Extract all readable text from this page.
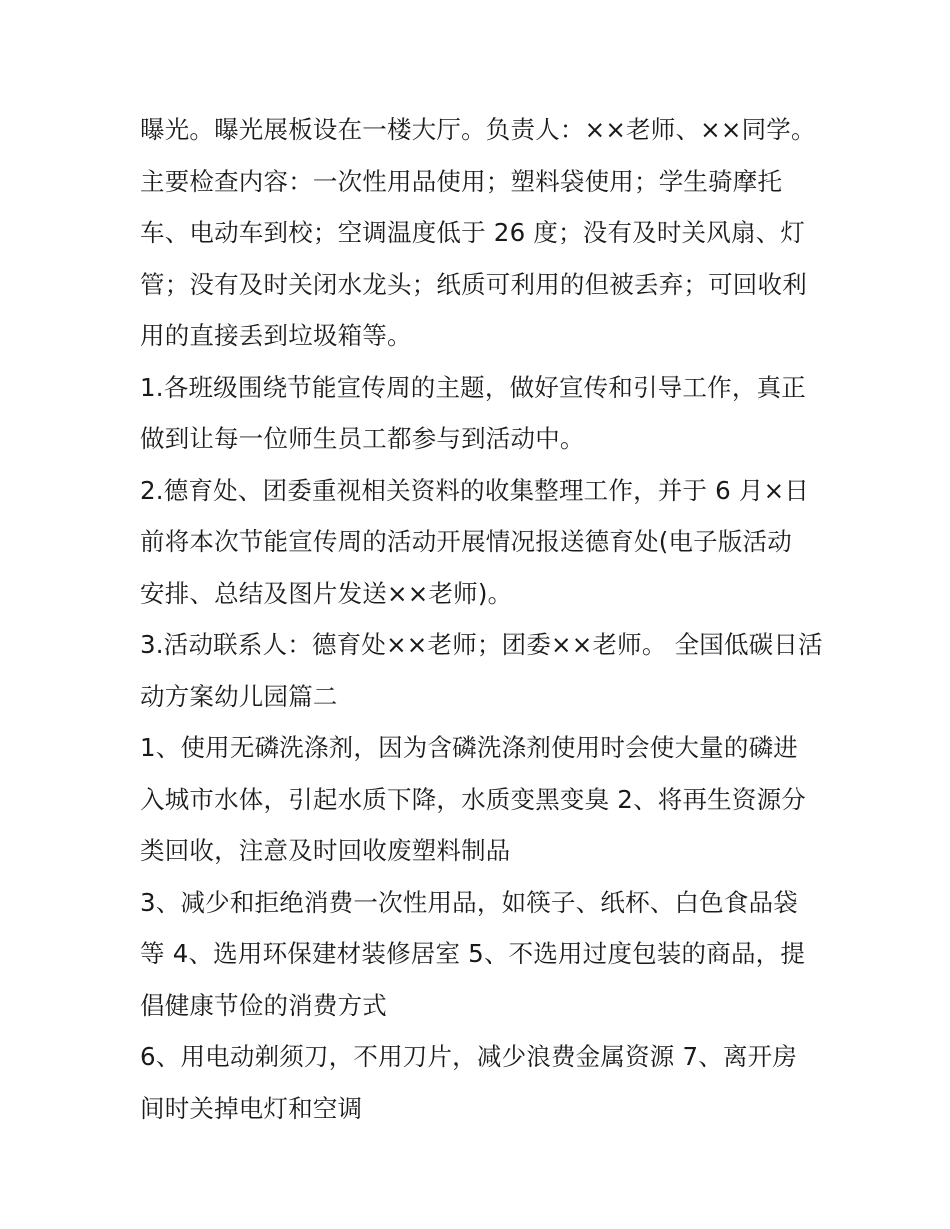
曝光。曝光展板设在一楼大厅。负责人：××老师、××同学。
主要检查内容：一次性用品使用；塑料袋使用；学生骑摩托
车、电动车到校；空调温度低于 26 度；没有及时关风扇、灯
管；没有及时关闭水龙头；纸质可利用的但被丢弃；可回收利
用的直接丢到垃圾箱等。
1.各班级围绕节能宣传周的主题，做好宣传和引导工作，真正
做到让每一位师生员工都参与到活动中。
2.德育处、团委重视相关资料的收集整理工作，并于 6 月×日
前将本次节能宣传周的活动开展情况报送德育处(电子版活动
安排、总结及图片发送××老师)。
3.活动联系人：德育处××老师；团委××老师。 全国低碳日活
动方案幼儿园篇二
1、使用无磷洗涤剂，因为含磷洗涤剂使用时会使大量的磷进
入城市水体，引起水质下降，水质变黑变臭 2、将再生资源分
类回收，注意及时回收废塑料制品
3、减少和拒绝消费一次性用品，如筷子、纸杯、白色食品袋
等 4、选用环保建材装修居室 5、不选用过度包装的商品，提
倡健康节俭的消费方式
6、用电动剃须刀，不用刀片，减少浪费金属资源 7、离开房
间时关掉电灯和空调
